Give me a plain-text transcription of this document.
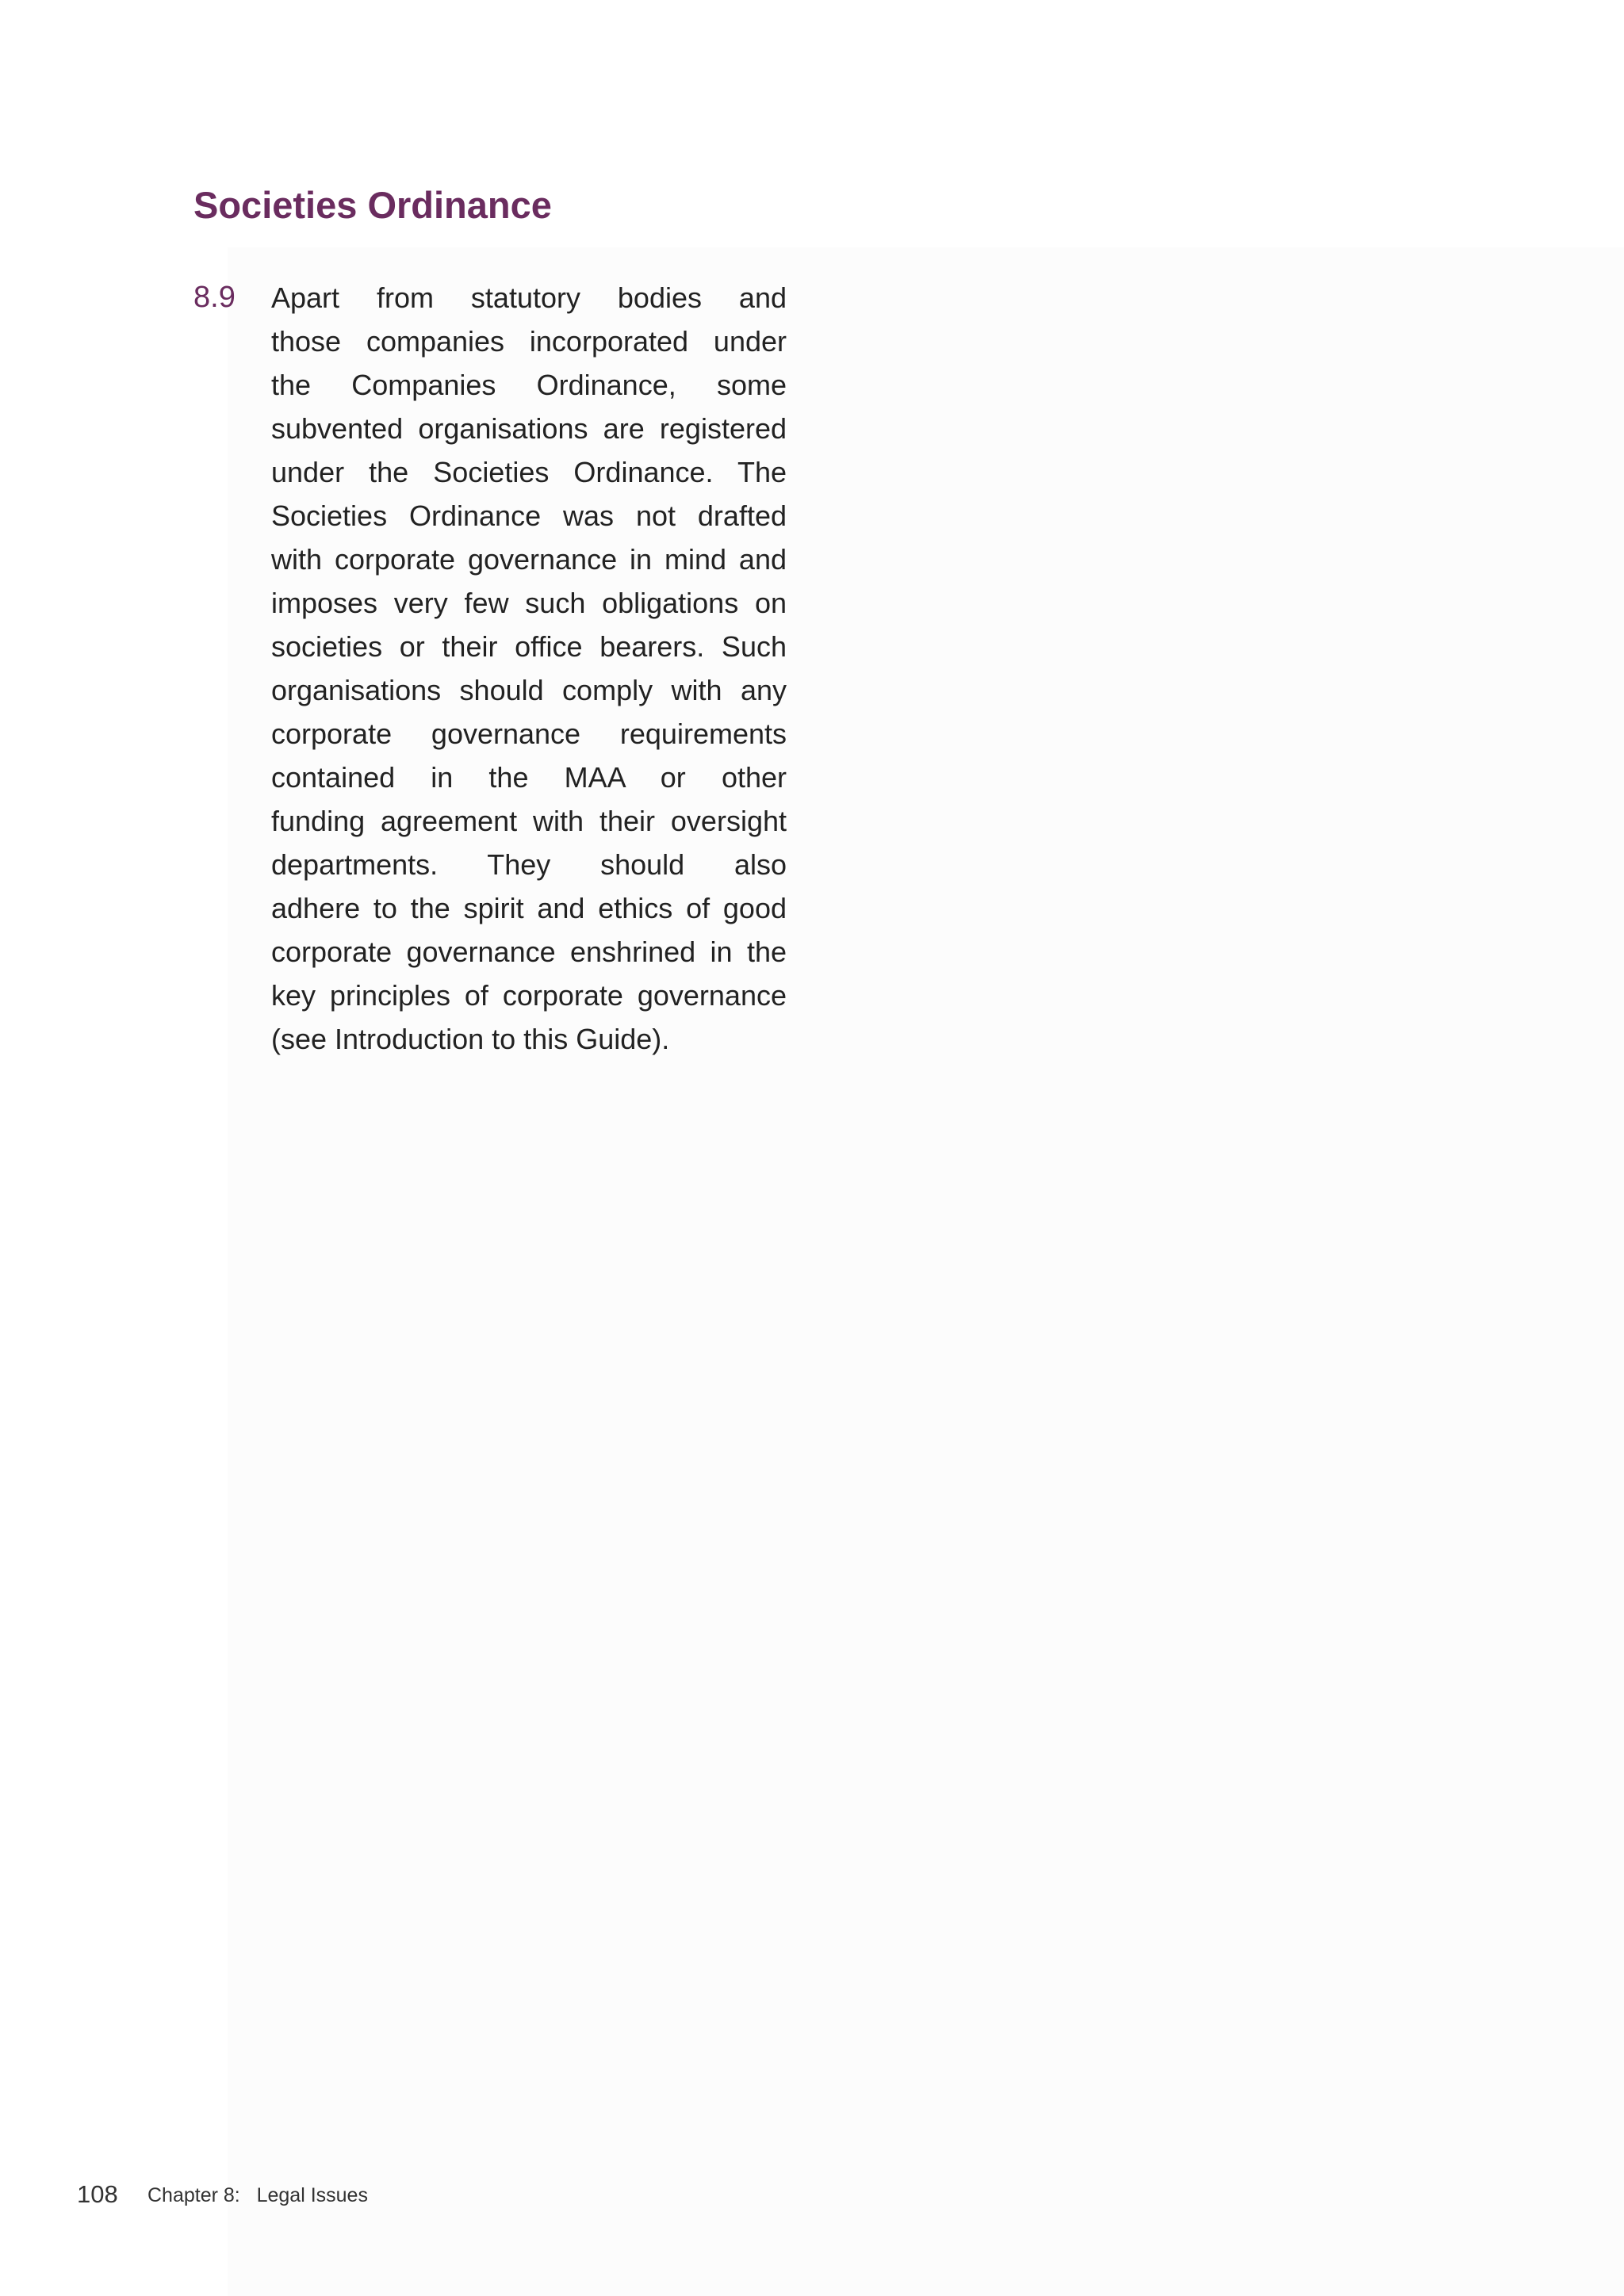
Societies Ordinance
8.9 Apart from statutory bodies and
those companies incorporated under
the Companies Ordinance, some
subvented organisations are registered
under the Societies Ordinance. The
Societies Ordinance was not drafted
with corporate governance in mind and
imposes very few such obligations on
societies or their office bearers. Such
organisations should comply with any
corporate governance requirements
contained in the MAA or other
funding agreement with their oversight
departments. They should also
adhere to the spirit and ethics of good
corporate governance enshrined in the
key principles of corporate governance
(see Introduction to this Guide).
108 Chapter 8:   Legal Issues
